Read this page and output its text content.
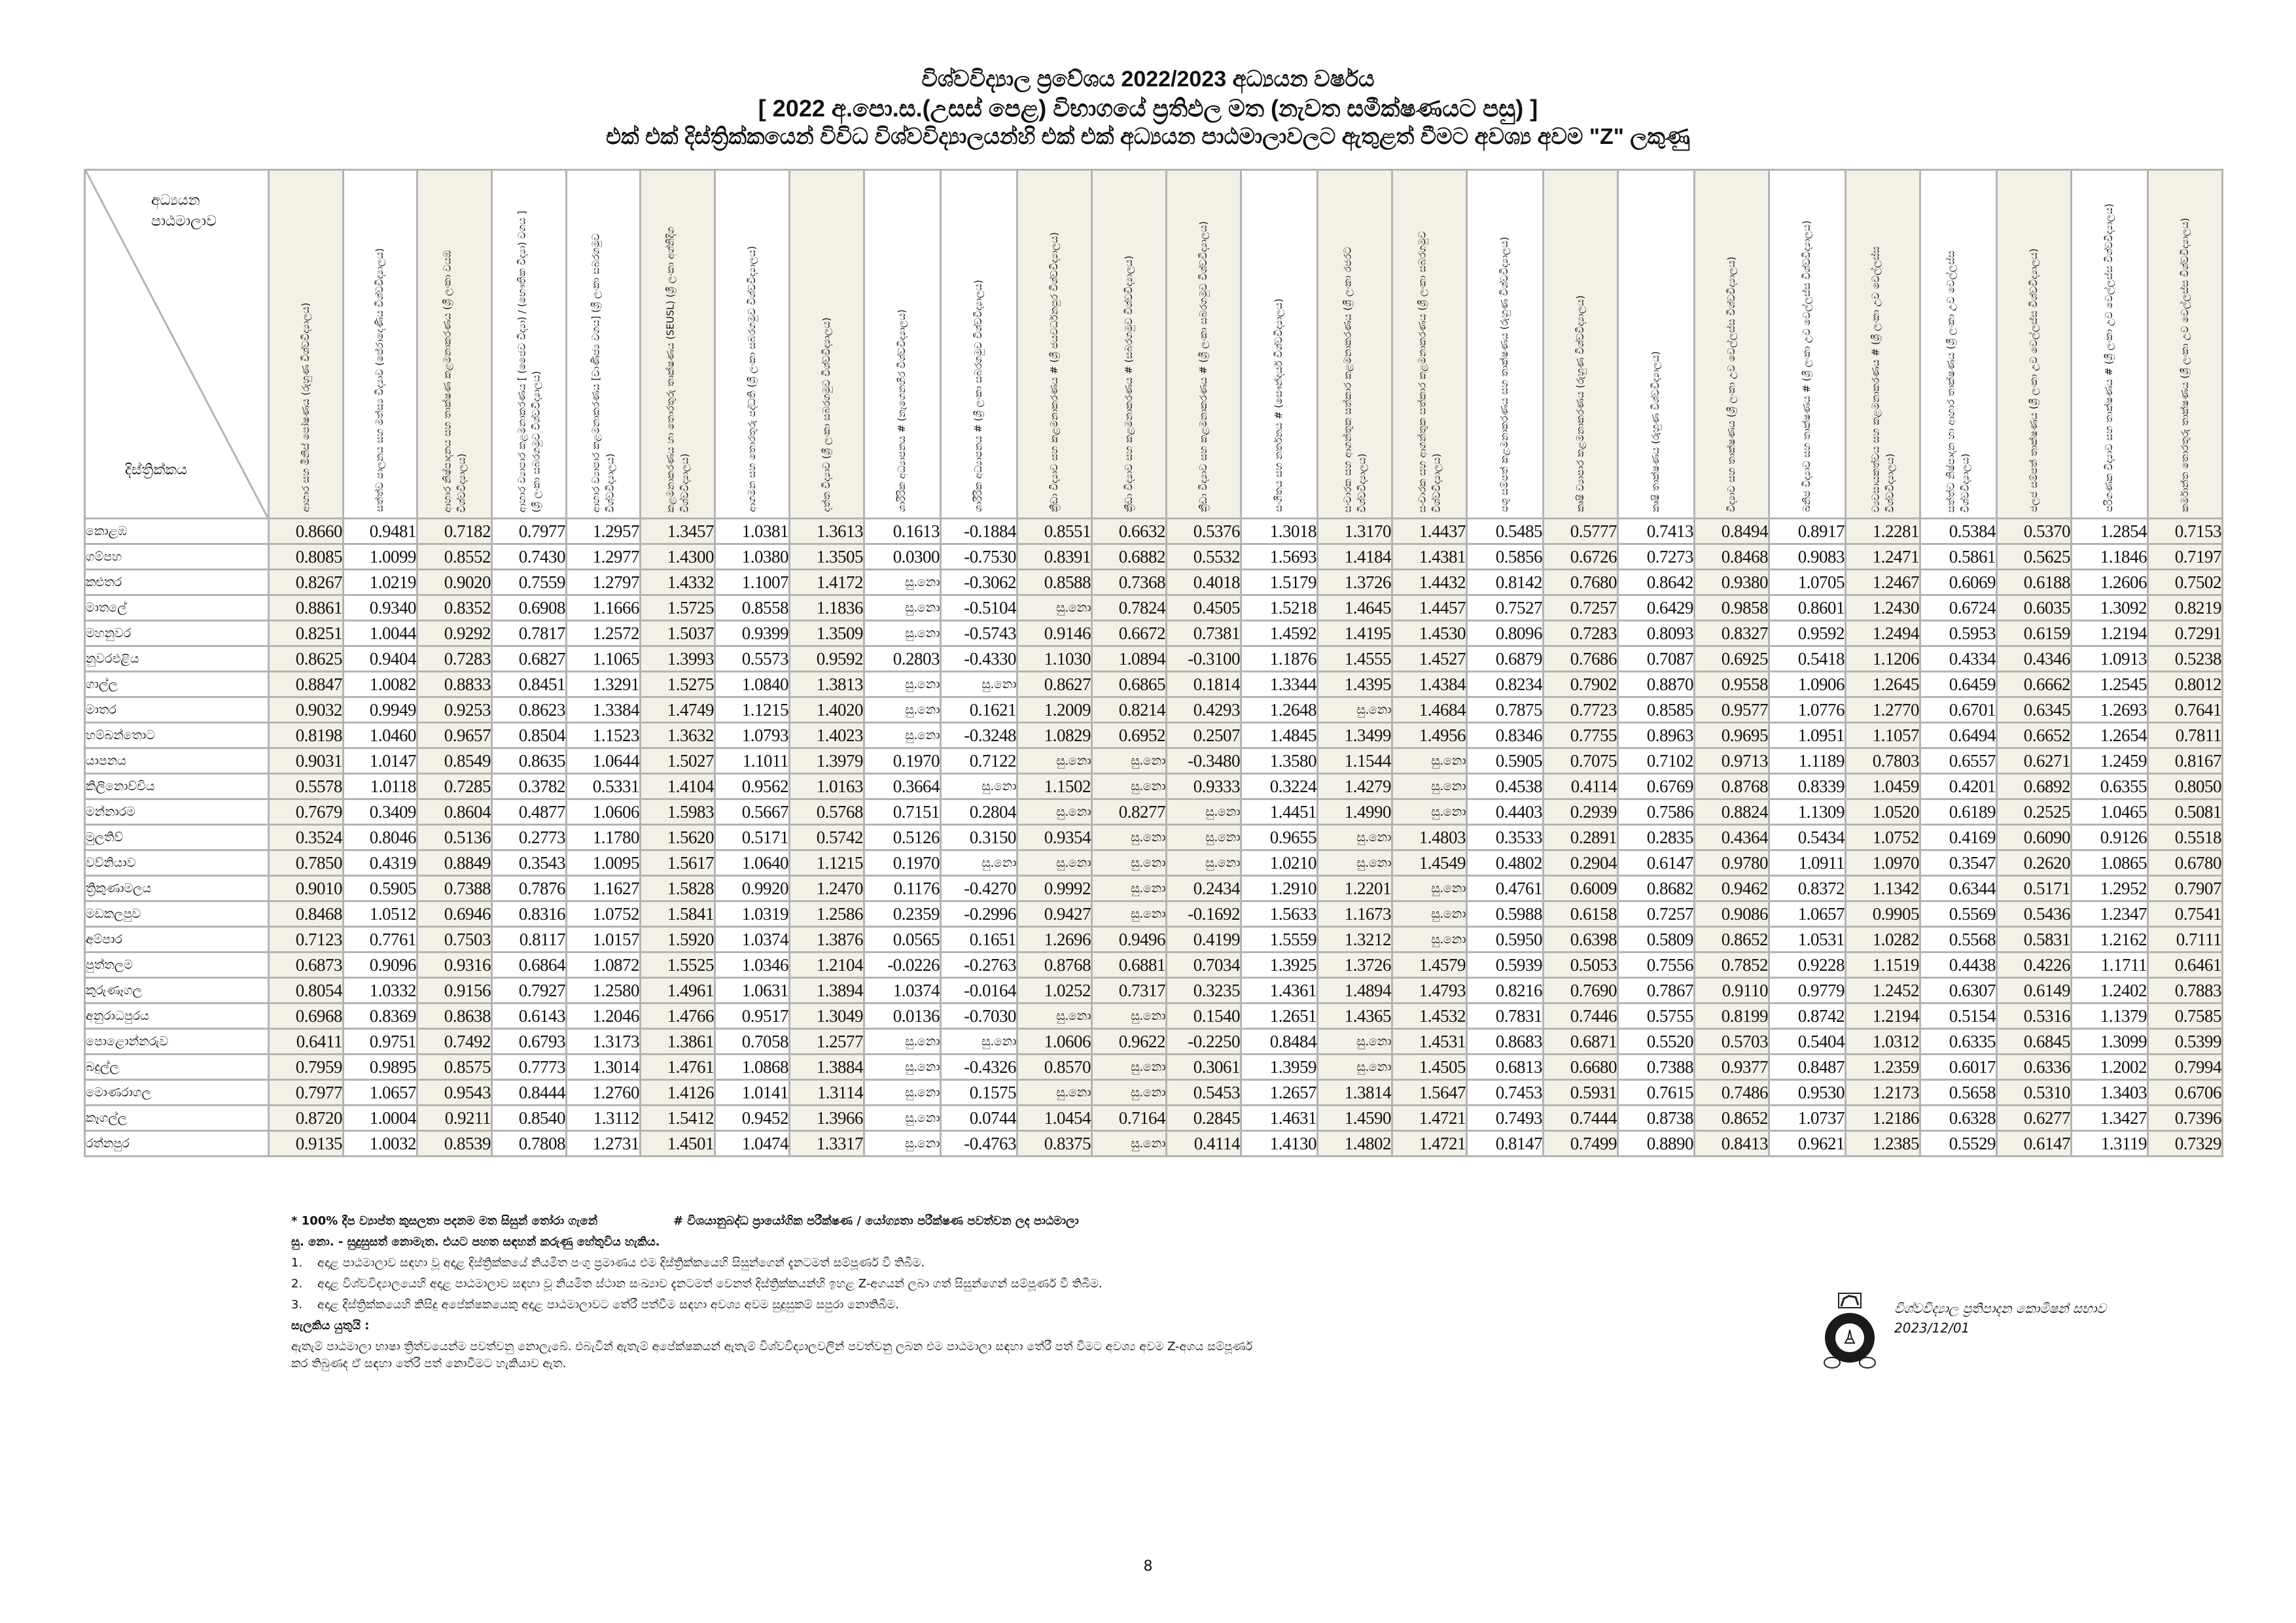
විශ්වවිද්‍යාල ප්‍රවේශය 2022/2023 අධ්‍යයන වර්ෂය
[ 2022 අ.පො.ස.(උසස් පෙළ) විභාගයේ ප්‍රතිඵල මත (නැවත සමීක්ෂණයට පසු) ]
එක් එක් දිස්ත්‍රික්කයෙන් විවිධ විශ්වවිද්‍යාලයන්හි එක් එක් අධ්‍යයන පාඨමාලාවලට ඇතුළත් වීමට අවශ්‍ය අවම "Z" ලකුණු
අධ්‍යයන
පාඨමාලාව
දිස්ත්‍රික්කය	ආහාර සහ මිනිස් පෝෂණය (රුහුණ විශ්වවිද්‍යාලය)	සත්ත්ව පාලනය සහ මත්ස්‍ය විද්‍යාව (පේරාදෙණිය විශ්වවිද්‍යාලය)	ආහාර නිෂ්පාදනය සහ තාක්ෂණ කළමනාකරණය (ශ්‍රී ලංකා වයඹ විශ්වවිද්‍යාලය)	ආහාර ව්‍යාපාර කළමනාකරණය [ (ජෛව විද්‍යා) / (භෞතික විද්‍යා) වගය ] (ශ්‍රී ලංකා සබරගමුව විශ්වවිද්‍යාලය)	ආහාර ව්‍යාපාර කළමනාකරණය [වාණිජ්‍ය වගය] (ශ්‍රී ලංකා සබරගමුව විශ්වවිද්‍යාලය)	කළමනාකරණය හා තොරතුරු තාක්ෂණය (SEUSL) (ශ්‍රී ලංකා අග්නිදිග විශ්වවිද්‍යාලය)	ආගමන සහ තොරතුරු පද්ධති (ශ්‍රී ලංකා සබරගමුව විශ්වවිද්‍යාලය)	දත්ත විද්‍යාව (ශ්‍රී ලංකා සබරගමුව විශ්වවිද්‍යාලය)	ශාරීරික අධ්‍යාපනය # (නැගෙනහිර විශ්වවිද්‍යාලය)	ශාරීරික අධ්‍යාපනය # (ශ්‍රී ලංකා සබරගමුව විශ්වවිද්‍යාලය)	ක්‍රීඩා විද්‍යාව සහ කළමනාකරණය # (ශ්‍රී ජයවර්ධනපුර විශ්වවිද්‍යාලය)	ක්‍රීඩා විද්‍යාව සහ කළමනාකරණය # (සබරගමුව විශ්වවිද්‍යාලය)	ක්‍රීඩා විද්‍යාව සහ කළමනාකරණය # (ශ්‍රී ලංකා සබරගමුව විශ්වවිද්‍යාලය)	සංගීතය සහ නර්තනය # (සෞන්දර්ය විශ්වවිද්‍යාලය)	සංචාරක සහ ආගන්තුක සත්කාර කළමනාකරණය (ශ්‍රී ලංකා රජරට විශ්වවිද්‍යාලය)	සංචාරක සහ ආගන්තුක සත්කාර කළමනාකරණය (ශ්‍රී ලංකා සබරගමුව විශ්වවිද්‍යාලය)	පශු සම්පත් කළමනාකරණය සහ තාක්ෂණය (රුහුණ විශ්වවිද්‍යාලය)	කෘෂි ව්‍යාපාර කළමනාකරණය (රුහුණ විශ්වවිද්‍යාලය)	කෘෂි තාක්ෂණය (රුහුණ විශ්වවිද්‍යාලය)	විද්‍යාව සහ තාක්ෂණය (ශ්‍රී ලංකා උව වෙල්ලස්ස විශ්වවිද්‍යාලය)	ඛනිජ විද්‍යාව සහ තාක්ෂණය # (ශ්‍රී ලංකා උව වෙල්ලස්ස විශ්වවිද්‍යාලය)	ව්‍යවසායකත්වය සහ කළමනාකරණය # (ශ්‍රී ලංකා උව වෙල්ලස්ස විශ්වවිද්‍යාලය)	සත්ත්ව නිෂ්පාදන හා ආහාර තාක්ෂණය (ශ්‍රී ලංකා උව වෙල්ලස්ස විශ්වවිද්‍යාලය)	ජලජ සම්පත් තාක්ෂණය (ශ්‍රී ලංකා උව වෙල්ලස්ස විශ්වවිද්‍යාලය)	පරිගණක විද්‍යාව සහ තාක්ෂණය # (ශ්‍රී ලංකා උව වෙල්ලස්ස විශ්වවිද්‍යාලය)	කර්මාන්ත තොරතුරු තාක්ෂණය (ශ්‍රී ලංකා උව වෙල්ලස්ස විශ්වවිද්‍යාලය)

කොළඹ	0.8660	0.9481	0.7182	0.7977	1.2957	1.3457	1.0381	1.3613	0.1613	-0.1884	0.8551	0.6632	0.5376	1.3018	1.3170	1.4437	0.5485	0.5777	0.7413	0.8494	0.8917	1.2281	0.5384	0.5370	1.2854	0.7153
ගම්පහ	0.8085	1.0099	0.8552	0.7430	1.2977	1.4300	1.0380	1.3505	0.0300	-0.7530	0.8391	0.6882	0.5532	1.5693	1.4184	1.4381	0.5856	0.6726	0.7273	0.8468	0.9083	1.2471	0.5861	0.5625	1.1846	0.7197
කළුතර	0.8267	1.0219	0.9020	0.7559	1.2797	1.4332	1.1007	1.4172	සු.නො	-0.3062	0.8588	0.7368	0.4018	1.5179	1.3726	1.4432	0.8142	0.7680	0.8642	0.9380	1.0705	1.2467	0.6069	0.6188	1.2606	0.7502
මාතලේ	0.8861	0.9340	0.8352	0.6908	1.1666	1.5725	0.8558	1.1836	සු.නො	-0.5104	සු.නො	0.7824	0.4505	1.5218	1.4645	1.4457	0.7527	0.7257	0.6429	0.9858	0.8601	1.2430	0.6724	0.6035	1.3092	0.8219
මහනුවර	0.8251	1.0044	0.9292	0.7817	1.2572	1.5037	0.9399	1.3509	සු.නො	-0.5743	0.9146	0.6672	0.7381	1.4592	1.4195	1.4530	0.8096	0.7283	0.8093	0.8327	0.9592	1.2494	0.5953	0.6159	1.2194	0.7291
නුවරඑළිය	0.8625	0.9404	0.7283	0.6827	1.1065	1.3993	0.5573	0.9592	0.2803	-0.4330	1.1030	1.0894	-0.3100	1.1876	1.4555	1.4527	0.6879	0.7686	0.7087	0.6925	0.5418	1.1206	0.4334	0.4346	1.0913	0.5238
ගාල්ල	0.8847	1.0082	0.8833	0.8451	1.3291	1.5275	1.0840	1.3813	සු.නො	සු.නො	0.8627	0.6865	0.1814	1.3344	1.4395	1.4384	0.8234	0.7902	0.8870	0.9558	1.0906	1.2645	0.6459	0.6662	1.2545	0.8012
මාතර	0.9032	0.9949	0.9253	0.8623	1.3384	1.4749	1.1215	1.4020	සු.නො	0.1621	1.2009	0.8214	0.4293	1.2648	සු.නො	1.4684	0.7875	0.7723	0.8585	0.9577	1.0776	1.2770	0.6701	0.6345	1.2693	0.7641
හම්බන්තොට	0.8198	1.0460	0.9657	0.8504	1.1523	1.3632	1.0793	1.4023	සු.නො	-0.3248	1.0829	0.6952	0.2507	1.4845	1.3499	1.4956	0.8346	0.7755	0.8963	0.9695	1.0951	1.1057	0.6494	0.6652	1.2654	0.7811
යාපනය	0.9031	1.0147	0.8549	0.8635	1.0644	1.5027	1.1011	1.3979	0.1970	0.7122	සු.නො	සු.නො	-0.3480	1.3580	1.1544	සු.නො	0.5905	0.7075	0.7102	0.9713	1.1189	0.7803	0.6557	0.6271	1.2459	0.8167
කිලිනොච්චිය	0.5578	1.0118	0.7285	0.3782	0.5331	1.4104	0.9562	1.0163	0.3664	සු.නො	1.1502	සු.නො	0.9333	0.3224	1.4279	සු.නො	0.4538	0.4114	0.6769	0.8768	0.8339	1.0459	0.4201	0.6892	0.6355	0.8050
මන්නාරම	0.7679	0.3409	0.8604	0.4877	1.0606	1.5983	0.5667	0.5768	0.7151	0.2804	සු.නො	0.8277	සු.නො	1.4451	1.4990	සු.නො	0.4403	0.2939	0.7586	0.8824	1.1309	1.0520	0.6189	0.2525	1.0465	0.5081
මුලතිව්	0.3524	0.8046	0.5136	0.2773	1.1780	1.5620	0.5171	0.5742	0.5126	0.3150	0.9354	සු.නො	සු.නො	0.9655	සු.නො	1.4803	0.3533	0.2891	0.2835	0.4364	0.5434	1.0752	0.4169	0.6090	0.9126	0.5518
වව්නියාව	0.7850	0.4319	0.8849	0.3543	1.0095	1.5617	1.0640	1.1215	0.1970	සු.නො	සු.නො	සු.නො	සු.නො	1.0210	සු.නො	1.4549	0.4802	0.2904	0.6147	0.9780	1.0911	1.0970	0.3547	0.2620	1.0865	0.6780
ත්‍රිකුණාමලය	0.9010	0.5905	0.7388	0.7876	1.1627	1.5828	0.9920	1.2470	0.1176	-0.4270	0.9992	සු.නො	0.2434	1.2910	1.2201	සු.නො	0.4761	0.6009	0.8682	0.9462	0.8372	1.1342	0.6344	0.5171	1.2952	0.7907
මඩකලපුව	0.8468	1.0512	0.6946	0.8316	1.0752	1.5841	1.0319	1.2586	0.2359	-0.2996	0.9427	සු.නො	-0.1692	1.5633	1.1673	සු.නො	0.5988	0.6158	0.7257	0.9086	1.0657	0.9905	0.5569	0.5436	1.2347	0.7541
අම්පාර	0.7123	0.7761	0.7503	0.8117	1.0157	1.5920	1.0374	1.3876	0.0565	0.1651	1.2696	0.9496	0.4199	1.5559	1.3212	සු.නො	0.5950	0.6398	0.5809	0.8652	1.0531	1.0282	0.5568	0.5831	1.2162	0.7111
පුත්තලම	0.6873	0.9096	0.9316	0.6864	1.0872	1.5525	1.0346	1.2104	-0.0226	-0.2763	0.8768	0.6881	0.7034	1.3925	1.3726	1.4579	0.5939	0.5053	0.7556	0.7852	0.9228	1.1519	0.4438	0.4226	1.1711	0.6461
කුරුණෑගල	0.8054	1.0332	0.9156	0.7927	1.2580	1.4961	1.0631	1.3894	1.0374	-0.0164	1.0252	0.7317	0.3235	1.4361	1.4894	1.4793	0.8216	0.7690	0.7867	0.9110	0.9779	1.2452	0.6307	0.6149	1.2402	0.7883
අනුරාධපුරය	0.6968	0.8369	0.8638	0.6143	1.2046	1.4766	0.9517	1.3049	0.0136	-0.7030	සු.නො	සු.නො	0.1540	1.2651	1.4365	1.4532	0.7831	0.7446	0.5755	0.8199	0.8742	1.2194	0.5154	0.5316	1.1379	0.7585
පොළොන්නරුව	0.6411	0.9751	0.7492	0.6793	1.3173	1.3861	0.7058	1.2577	සු.නො	සු.නො	1.0606	0.9622	-0.2250	0.8484	සු.නො	1.4531	0.8683	0.6871	0.5520	0.5703	0.5404	1.0312	0.6335	0.6845	1.3099	0.5399
බදුල්ල	0.7959	0.9895	0.8575	0.7773	1.3014	1.4761	1.0868	1.3884	සු.නො	-0.4326	0.8570	සු.නො	0.3061	1.3959	සු.නො	1.4505	0.6813	0.6680	0.7388	0.9377	0.8487	1.2359	0.6017	0.6336	1.2002	0.7994
මොණරාගල	0.7977	1.0657	0.9543	0.8444	1.2760	1.4126	1.0141	1.3114	සු.නො	0.1575	සු.නො	සු.නො	0.5453	1.2657	1.3814	1.5647	0.7453	0.5931	0.7615	0.7486	0.9530	1.2173	0.5658	0.5310	1.3403	0.6706
කෑගල්ල	0.8720	1.0004	0.9211	0.8540	1.3112	1.5412	0.9452	1.3966	සු.නො	0.0744	1.0454	0.7164	0.2845	1.4631	1.4590	1.4721	0.7493	0.7444	0.8738	0.8652	1.0737	1.2186	0.6328	0.6277	1.3427	0.7396
රත්නපුර	0.9135	1.0032	0.8539	0.7808	1.2731	1.4501	1.0474	1.3317	සු.නො	-0.4763	0.8375	සු.නො	0.4114	1.4130	1.4802	1.4721	0.8147	0.7499	0.8890	0.8413	0.9621	1.2385	0.5529	0.6147	1.3119	0.7329
* 100% දීප ව්‍යාප්ත කුසලතා පදනම මත සිසුන් තෝරා ගැනේ	# විශයානුබද්ධ ප්‍රායෝගික පරීක්ෂණ / යෝග්‍යතා පරීක්ෂණ පවත්වන ලද පාඨමාලා
සු. නො. - සුදුසුසත් නොමැත. එයට පහත සඳහන් කරුණු හේතුවිය හැකිය.
1. අදාළ පාඨමාලාව සඳහා වූ අදාළ දිස්ත්‍රික්කයේ නියමිත පංගු ප්‍රමාණය එම දිස්ත්‍රික්කයෙහි සිසුන්ගෙන් දැනටමත් සම්පූර්ණ වී තිබීම.
2. අදාළ විශ්වවිද්‍යාලයෙහි අදාළ පාඨමාලාව සඳහා වූ නියමිත ස්ථාන සංඛ්‍යාව දැනටමත් වෙනත් දිස්ත්‍රික්කයන්හි ඉහළ Z-අගයන් ලබා ගත් සිසුන්ගෙන් සම්පූර්ණ වී තිබීම.
3. අදාළ දිස්ත්‍රික්කයෙහි කිසිදු අපේක්ෂකයෙකු අදාළ පාඨමාලාවට තේරී පත්වීම සඳහා අවශ්‍ය අවම සුදුසුකම් සපුරා නොතිබීම.
සැලකිය යුතුයි :
ඇතැම් පාඨමාලා භාෂා ත්‍රිත්වයෙන්ම පවත්වනු නොලැබේ. එබැවින් ඇතැම් අපේක්ෂකයන් ඇතැම් විශ්වවිද්‍යාලවලින් පවත්වනු ලබන එම පාඨමාලා සඳහා තේරී පත් වීමට අවශ්‍ය අවම Z-අගය සම්පූර්ණ
කර තිබුණද ඒ සඳහා තේරී පත් නොවීමට හැකියාව ඇත.
විශ්වවිද්‍යාල ප්‍රතිපාදන කොමිෂන් සභාව
2023/12/01
8
